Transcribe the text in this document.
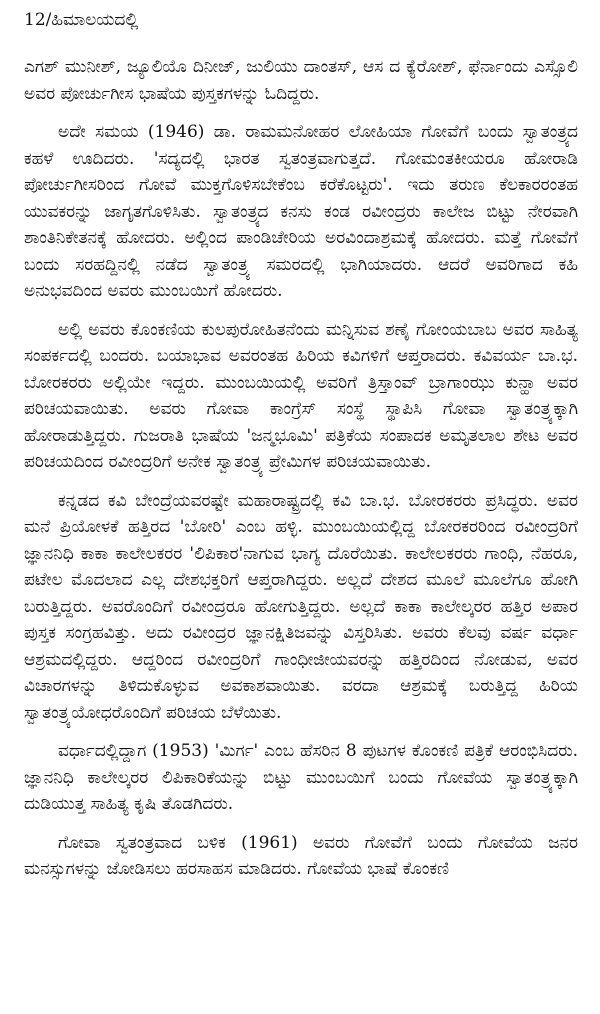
12/ಹಿಮಾಲಯದಲ್ಲಿ

ಎಗಶ್ ಮುನೀಶ್, ಜ್ಯೂಲಿಯೊ ದಿನೀಜ್, ಜುಲಿಯು ದಾಂತಸ್, ಆಸ ದ ಕ್ಯೆರೋಶ್, ಫೆರ್ನಾಂದು ಎಸ್ಸೊಲಿ ಅವರ ಪೋರ್ಚುಗೀಸ ಭಾಷೆಯ ಪುಸ್ತಕಗಳನ್ನು ಓದಿದ್ದರು.

ಅದೇ ಸಮಯ (1946) ಡಾ. ರಾಮಮನೋಹರ ಲೋಹಿಯಾ ಗೋವೆಗೆ ಬಂದು ಸ್ವಾತಂತ್ರ್ಯದ ಕಹಳೆ ಊದಿದರು. 'ಸದ್ಯದಲ್ಲಿ ಭಾರತ ಸ್ವತಂತ್ರವಾಗುತ್ತದೆ. ಗೋಮಂತಕೀಯರೂ ಹೋರಾಡಿ ಪೋರ್ಚುಗೀಸರಿಂದ ಗೋವೆ ಮುಕ್ತಗೊಳಿಸಬೇಕೆಂಬ ಕರೆಕೊಟ್ಟರು'. ಇದು ತರುಣ ಕೆಲಕಾರರಂತಹ ಯುವಕರನ್ನು ಜಾಗೃತಗೊಳಿಸಿತು. ಸ್ವಾತಂತ್ರ್ಯದ ಕನಸು ಕಂಡ ರವೀಂದ್ರರು ಕಾಲೇಜ ಬಿಟ್ಟು ನೇರವಾಗಿ ಶಾಂತಿನಿಕೇತನಕ್ಕೆ ಹೋದರು. ಅಲ್ಲಿಂದ ಪಾಂಡಿಚೇರಿಯ ಅರವಿಂದಾಶ್ರಮಕ್ಕೆ ಹೋದರು. ಮತ್ತೆ ಗೋವೆಗೆ ಬಂದು ಸರಹದ್ದಿನಲ್ಲಿ ನಡೆದ ಸ್ವಾತಂತ್ರ್ಯ ಸಮರದಲ್ಲಿ ಭಾಗಿಯಾದರು. ಆದರೆ ಅವರಿಗಾದ ಕಹಿ ಅನುಭವದಿಂದ ಅವರು ಮುಂಬಯಿಗೆ ಹೋದರು.

ಅಲ್ಲಿ ಅವರು ಕೊಂಕಣಿಯ ಕುಲಪುರೋಹಿತನೆಂದು ಮನ್ನಿಸುವ ಶಣೈ ಗೋಂಯಬಾಬ ಅವರ ಸಾಹಿತ್ಯ ಸಂಪರ್ಕದಲ್ಲಿ ಬಂದರು. ಬಯಾಭಾವ ಅವರಂತಹ ಹಿರಿಯ ಕವಿಗಳಿಗೆ ಆಪ್ತರಾದರು. ಕವಿವರ್ಯ ಬಾ.ಭ. ಬೋರಕರರು ಅಲ್ಲಿಯೇ ಇದ್ದರು. ಮುಂಬಯಿಯಲ್ಲಿ ಅವರಿಗೆ ತ್ರಿಸ್ತಾಂವ್ ಬ್ರಾಗಾಂಝು ಕುನ್ಹಾ ಅವರ ಪರಿಚಯವಾಯಿತು. ಅವರು ಗೋವಾ ಕಾಂಗ್ರೆಸ್ ಸಂಸ್ಥೆ ಸ್ಥಾಪಿಸಿ ಗೋವಾ ಸ್ವಾತಂತ್ರ್ಯಕ್ಕಾಗಿ ಹೋರಾಡುತ್ತಿದ್ದರು. ಗುಜರಾತಿ ಭಾಷೆಯ 'ಜನ್ಮಭೂಮಿ' ಪತ್ರಿಕೆಯ ಸಂಪಾದಕ ಅಮೃತಲಾಲ ಶೇಟ ಅವರ ಪರಿಚಯದಿಂದ ರವೀಂದ್ರರಿಗೆ ಅನೇಕ ಸ್ವಾತಂತ್ರ್ಯ ಪ್ರೇಮಿಗಳ ಪರಿಚಯವಾಯಿತು.

ಕನ್ನಡದ ಕವಿ ಬೇಂದ್ರೆಯವರಷ್ಟೇ ಮಹಾರಾಷ್ಟ್ರದಲ್ಲಿ ಕವಿ ಬಾ.ಭ. ಬೋರಕರರು ಪ್ರಸಿದ್ಧರು. ಅವರ ಮನೆ ಪ್ರಿಯೋಳಕೆ ಹತ್ತಿರದ 'ಬೋರಿ' ಎಂಬ ಹಳ್ಳಿ. ಮುಂಬಯಿಯಲ್ಲಿದ್ದ ಬೋರಕರರಿಂದ ರವೀಂದ್ರರಿಗೆ ಜ್ಞಾನನಿಧಿ ಕಾಕಾ ಕಾಲೇಲಕರರ 'ಲಿಪಿಕಾರ'ನಾಗುವ ಭಾಗ್ಯ ದೊರೆಯಿತು. ಕಾಲೇಲಕರರು ಗಾಂಧಿ, ನೆಹರೂ, ಪಟೇಲ ಮೊದಲಾದ ಎಲ್ಲ ದೇಶಭಕ್ತರಿಗೆ ಆಪ್ತರಾಗಿದ್ದರು. ಅಲ್ಲದೆ ದೇಶದ ಮೂಲೆ ಮೂಲೆಗೂ ಹೋಗಿ ಬರುತ್ತಿದ್ದರು. ಅವರೊಂದಿಗೆ ರವೀಂದ್ರರೂ ಹೋಗುತ್ತಿದ್ದರು. ಅಲ್ಲದೆ ಕಾಕಾ ಕಾಲೇಲ್ಕರರ ಹತ್ತಿರ ಅಪಾರ ಪುಸ್ತಕ ಸಂಗ್ರಹವಿತ್ತು. ಅದು ರವೀಂದ್ರರ ಜ್ಞಾನಕ್ಷಿತಿಜವನ್ನು ವಿಸ್ತರಿಸಿತು. ಅವರು ಕೆಲವು ವರ್ಷ ವರ್ಧಾ ಆಶ್ರಮದಲ್ಲಿದ್ದರು. ಆದ್ದರಿಂದ ರವೀಂದ್ರರಿಗೆ ಗಾಂಧೀಜೀಯವರನ್ನು ಹತ್ತಿರದಿಂದ ನೋಡುವ, ಅವರ ವಿಚಾರಗಳನ್ನು ತಿಳಿದುಕೊಳ್ಳುವ ಅವಕಾಶವಾಯಿತು. ವರದಾ ಆಶ್ರಮಕ್ಕೆ ಬರುತ್ತಿದ್ದ ಹಿರಿಯ ಸ್ವಾತಂತ್ರ್ಯಯೋಧರೊಂದಿಗೆ ಪರಿಚಯ ಬೆಳೆಯಿತು.

ವರ್ಧಾದಲ್ಲಿದ್ದಾಗ (1953) 'ಮಿರ್ಗ' ಎಂಬ ಹೆಸರಿನ 8 ಪುಟಗಳ ಕೊಂಕಣಿ ಪತ್ರಿಕೆ ಆರಂಭಿಸಿದರು. ಜ್ಞಾನನಿಧಿ ಕಾಲೇಲ್ಕರರ ಲಿಪಿಕಾರಿಕೆಯನ್ನು ಬಿಟ್ಟು ಮುಂಬಯಿಗೆ ಬಂದು ಗೋವೆಯ ಸ್ವಾತಂತ್ರ್ಯಕ್ಕಾಗಿ ದುಡಿಯುತ್ತ ಸಾಹಿತ್ಯ ಕೃಷಿ ತೊಡಗಿದರು.

ಗೋವಾ ಸ್ವತಂತ್ರವಾದ ಬಳಿಕ (1961) ಅವರು ಗೋವೆಗೆ ಬಂದು ಗೋವೆಯ ಜನರ ಮನಸ್ಸುಗಳನ್ನು ಜೋಡಿಸಲು ಹರಸಾಹಸ ಮಾಡಿದರು. ಗೋವೆಯ ಭಾಷೆ ಕೊಂಕಣಿ
